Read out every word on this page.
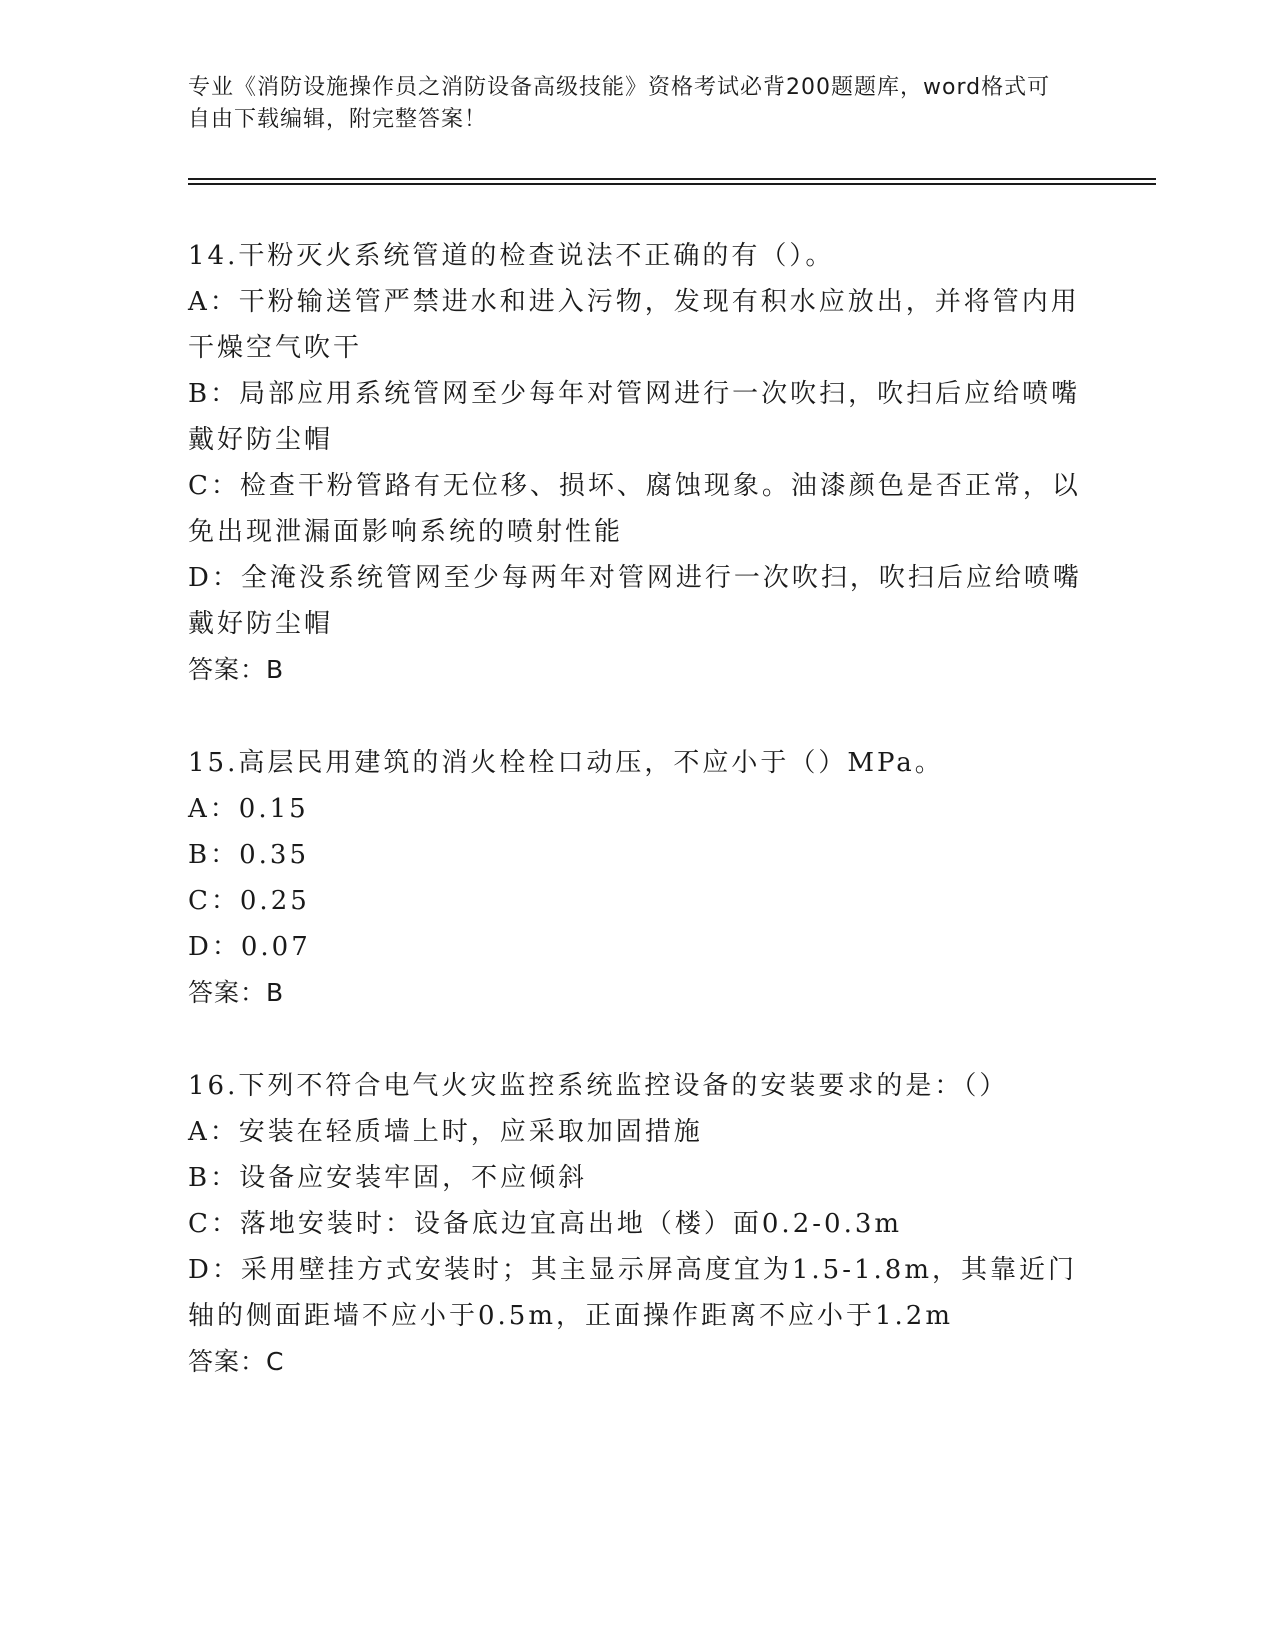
专业《消防设施操作员之消防设备高级技能》资格考试必背200题题库，word格式可自由下载编辑，附完整答案！
14.干粉灭火系统管道的检查说法不正确的有（）。
A：干粉输送管严禁进水和进入污物，发现有积水应放出，并将管内用干燥空气吹干
B：局部应用系统管网至少每年对管网进行一次吹扫，吹扫后应给喷嘴戴好防尘帽
C：检查干粉管路有无位移、损坏、腐蚀现象。油漆颜色是否正常，以免出现泄漏面影响系统的喷射性能
D：全淹没系统管网至少每两年对管网进行一次吹扫，吹扫后应给喷嘴戴好防尘帽
答案：B
15.高层民用建筑的消火栓栓口动压，不应小于（）MPa。
A：0.15
B：0.35
C：0.25
D：0.07
答案：B
16.下列不符合电气火灾监控系统监控设备的安装要求的是：（）
A：安装在轻质墙上时，应采取加固措施
B：设备应安装牢固，不应倾斜
C：落地安装时：设备底边宜高出地（楼）面0.2-0.3m
D：采用壁挂方式安装时；其主显示屏高度宜为1.5-1.8m，其靠近门轴的侧面距墙不应小于0.5m，正面操作距离不应小于1.2m
答案：C
